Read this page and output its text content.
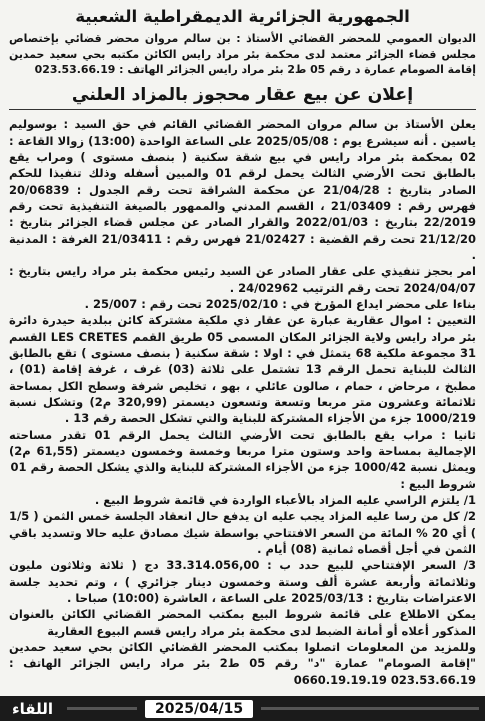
الجمهورية الجزائرية الديمقراطية الشعبية

الديوان العمومي للمحضر القضائي الأستاذ : بن سالم مروان محضر قضائي بإختصاص مجلس قضاء الجزائر معتمد لدى محكمة بئر مراد رايس الكائن مكتبه بحي سعيد حمدين إقامة الصومام عمارة د رقم 05 ط2 بئر مراد رايس الجزائر الهاتف : 023.53.66.19

إعلان عن بيع عقار محجوز بالمزاد العلني

يعلن الأستاذ بن سالم مروان المحضر القضائي القائم في حق السيد : بوسوليم ياسين . أنه سيشرع يوم : 2025/05/08 على الساعة الواحدة (13:00) زوالا القاعة : 02 بمحكمة بئر مراد رايس في بيع شقة سكنية ( بنصف مستوى ) ومراب يقع بالطابق تحت الأرضي الثالث يحمل لرقم 01 والمبين أسفله وذلك تنفيذا للحكم الصادر بتاريخ : 21/04/28 عن محكمة الشراقة تحت رقم الجدول : 20/06839 فهرس رقم : 21/03409 ، القسم المدني والممهور بالصيغة التنفيذية تحت رقم 22/2019 بتاريخ : 2022/01/03 والقرار الصادر عن مجلس قضاء الجزائر بتاريخ : 21/12/20 تحت رقم القضية : 21/02427 فهرس رقم : 21/03411 الغرفة : المدنية .

امر بحجز تنفيذي على عقار الصادر عن السيد رئيس محكمة بئر مراد رايس بتاريخ : 2024/04/07 تحت رقم الترتيب 24/02962 .

بناءا على محضر ايداع المؤرخ في : 2025/02/10 تحت رقم : 25/007 .

التعيين : اموال عقارية عبارة عن عقار ذي ملكية مشتركة كائن ببلدية حيدرة دائرة بئر مراد رايس ولاية الجزائر المكان المسمى 05 طريق القمم LES CRETES القسم 31 مجموعة ملكية 68 يتمثل في : اولا : شقة سكنية ( بنصف مستوى ) تقع بالطابق الثالث للبناية تحمل الرقم 13 تشتمل على ثلاثة (03) غرف ، غرفة إقامة (01) ، مطبخ ، مرحاض ، حمام ، صالون عائلي ، بهو ، تخليص شرفة وسطح الكل بمساحة ثلاثمائة وعشرون متر مربعا وتسعة وتسعون ديسمتر (320,99 م2) وتشكل نسبة 1000/219 جزء من الأجزاء المشتركة للبناية والتي تشكل الحصة رقم 13 .

ثانيا : مراب يقع بالطابق تحت الأرضي الثالث يحمل الرقم 01 تقدر مساحته الإجمالية بمساحة واحد وستون مترا مربعا وخمسة وخمسون ديسمتر (61,55 م2) ويمثل نسبة 1000/42 جزء من الأجزاء المشتركة للبناية والذي يشكل الحصة رقم 01

شروط البيع :

1/ يلتزم الراسي عليه المزاد بالأعباء الواردة في قائمة شروط البيع .

2/ كل من رسا عليه المزاد يجب عليه ان يدفع حال انعقاد الجلسة خمس الثمن ( 1/5 ) أي 20 % المائة من السعر الافتتاحي بواسطة شيك مصادق عليه حالا وتسديد باقي الثمن في أجل أقصاه ثمانية (08) أيام .

3/ السعر الإفتتاحي للبيع حدد ب : 33.314.056,00 دج ( ثلاثة وثلاثون مليون وثلاثمائة وأربعة عشرة ألف وستة وخمسون دينار جزائري ) ، وتم تحديد جلسة الاعتراضات بتاريخ : 2025/03/13 على الساعة ، العاشرة (10:00) صباحا .

يمكن الاطلاع على قائمة شروط البيع بمكتب المحضر القضائي الكائن بالعنوان المذكور أعلاه أو أمانة الضبط لدى محكمة بئر مراد رايس قسم البيوع العقارية

وللمزيد من المعلومات اتصلوا بمكتب المحضر القضائي الكائن بحي سعيد حمدين "إقامة الصومام" عمارة "د" رقم 05 ط2 بئر مراد رايس الجزائر الهاتف : 023.53.66.19 0660.19.19.19

اللقاء	2025/04/15
